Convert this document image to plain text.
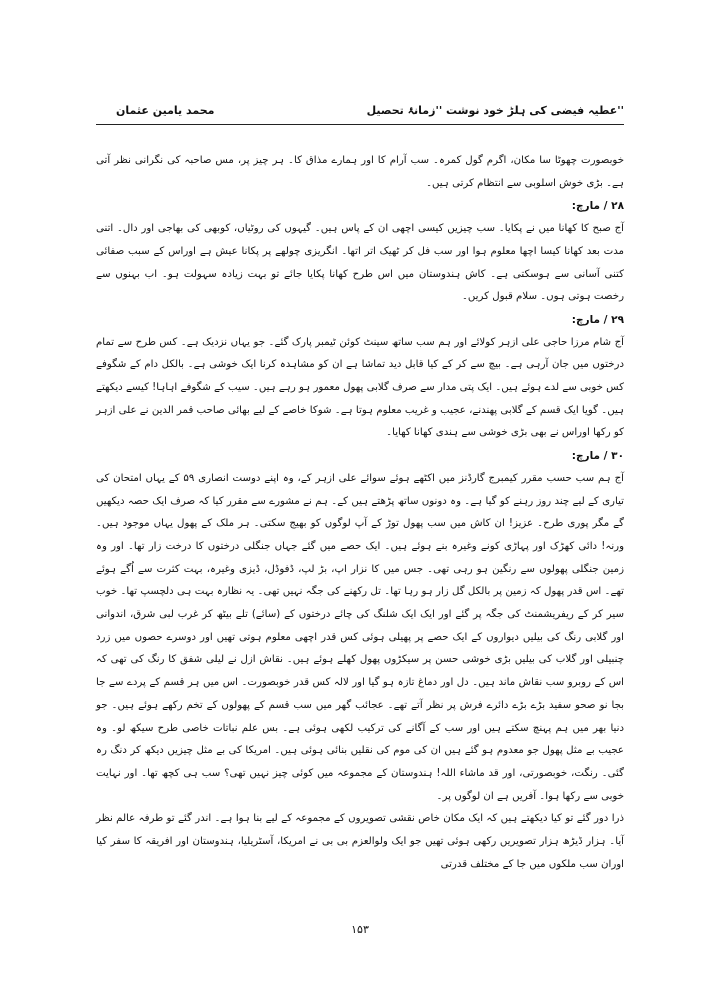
عطیہ فیضی کی ہلڑ خود نوشت ''زمانۂ تحصیل''
محمد یامین عثمان

خوبصورت چھوٹا سا مکان، اگرم گول کمرہ۔ سب آرام کا اور ہمارے مذاق کا۔ ہر چیز پر، مس صاحبہ کی نگرانی نظر آتی ہے۔ بڑی خوش اسلوبی سے انتظام کرتی ہیں۔

۲۸ / مارچ:

آج صبح کا کھانا میں نے پکایا۔ سب چیزیں کیسی اچھی ان کے پاس ہیں۔ گیہوں کی روٹیاں، کوبھی کی بھاجی اور دال۔ اتنی مدت بعد کھانا کیسا اچھا معلوم ہوا اور سب فل کر ٹھیک اتر اتھا۔ انگریزی چولھے پر پکانا عیش ہے اوراس کے سبب صفائی کتنی آسانی سے ہوسکتی ہے۔ کاش ہندوستان میں اس طرح کھانا پکایا جائے تو بہت زیادہ سہولت ہو۔ اب بہنوں سے رخصت ہوتی ہوں۔ سلام قبول کریں۔

۲۹ / مارچ:

آج شام مرزا حاجی علی ازہر کولائے اور ہم سب ساتھ سینٹ کوئن ٹیمبر پارک گئے۔ جو یہاں نزدیک ہے۔ کس طرح سے تمام درختوں میں جان آرہی ہے۔ بیچ سے کر کے کیا قابل دید تماشا ہے ان کو مشاہدہ کرنا ایک خوشی ہے۔ بالکل دام کے شگوفے کس خوبی سے لدے ہوئے ہیں۔ ایک پتی مدار سے صرف گلابی پھول معمور ہو رہے ہیں۔ سیب کے شگوفے اہاہا! کیسے دیکھتے ہیں۔ گویا ایک قسم کے گلابی پھندنے، عجیب و غریب معلوم ہوتا ہے۔ شوکا خاصے کے لیے بھائی صاحب قمر الدین نے علی ازہر کو رکھا اوراس نے بھی بڑی خوشی سے ہندی کھانا کھایا۔

۳۰ / مارچ:

آج ہم سب حسب مقرر کیمبرج گارڈنز میں اکٹھے ہوئے سوائے علی ازہر کے، وہ اپنے دوست انصاری ۵۹ کے یہاں امتحان کی تیاری کے لیے چند روز رہنے کو گیا ہے۔ وہ دونوں ساتھ پڑھتے ہیں کے۔ ہم نے مشورے سے مقرر کیا کہ صرف ایک حصہ دیکھیں گے مگر پوری طرح۔ عزیز! ان کاش میں سب پھول توڑ کے آپ لوگوں کو بھیج سکتی۔ ہر ملک کے پھول یہاں موجود ہیں۔ ورنہ! دائی کھڑک اور پہاڑی کونے وغیرہ بنے ہوئے ہیں۔ ایک حصے میں گئے جہاں جنگلی درختوں کا درخت زار تھا۔ اور وہ زمین جنگلی پھولوں سے رنگین ہو رہی تھی۔ جس میں کا نزار اپ، بڑ لپ، ڈفوڈل، ڈیزی وغیرہ، بہت کثرت سے اُگے ہوئے تھے۔ اس قدر پھول کہ زمین پر بالکل گل زار ہو رہا تھا۔ تل رکھنے کی جگہ نہیں تھی۔ یہ نظارہ بہت ہی دلچسپ تھا۔ خوب سیر کر کے ریفریشمنٹ کی جگہ پر گئے اور ایک ایک شلنگ کی چائے درختوں کے (سائے) تلے بیٹھ کر غرب لبی شرق، اندوانی اور گلابی رنگ کی بیلیں دیواروں کے ایک حصے پر پھیلی ہوئی کس قدر اچھی معلوم ہوتی تھیں اور دوسرے حصوں میں زرد چنبیلی اور گلاب کی بیلیں بڑی خوشی حسن پر سیکڑوں پھول کھلے ہوئے ہیں۔ نقاش ازل نے لیلی شفق کا رنگ کی تھی کہ اس کے روبرو سب نقاش ماند ہیں۔ دل اور دماغ تازہ ہو گیا اور لالہ کس قدر خوبصورت۔ اس میں ہر قسم کے پردے سے جا بجا نو صحو سفید بڑے بڑے دائرے فرش پر نظر آتے تھے۔ عجائب گھر میں سب قسم کے پھولوں کے تخم رکھے ہوئے ہیں۔ جو دنیا بھر میں ہم پہنچ سکتے ہیں اور سب کے آگانے کی ترکیب لکھی ہوئی ہے۔ بس علم نباتات خاصی طرح سیکھ لو۔ وہ عجیب بے مثل پھول جو معدوم ہو گئے ہیں ان کی موم کی نقلیں بنائی ہوئی ہیں۔ امریکا کی بے مثل چیزیں دیکھ کر دنگ رہ گئی۔ رنگت، خوبصورتی، اور قد ماشاء اللہ! ہندوستان کے مجموعہ میں کوئی چیز نہیں تھی؟ سب ہی کچھ تھا۔ اور نہایت خوبی سے رکھا ہوا۔ آفریں ہے ان لوگوں پر۔

ذرا دور گئے تو کیا دیکھتے ہیں کہ ایک مکان خاص نقشی تصویروں کے مجموعہ کے لیے بنا ہوا ہے۔ اندر گئے تو طرفہ عالم نظر آیا۔ ہزار ڈیڑھ ہزار تصویریں رکھی ہوئی تھیں جو ایک ولوالعزم بی بی نے امریکا، آسٹریلیا، ہندوستان اور افریقہ کا سفر کیا اوران سب ملکوں میں جا کے مختلف قدرتی

۱۵۳
